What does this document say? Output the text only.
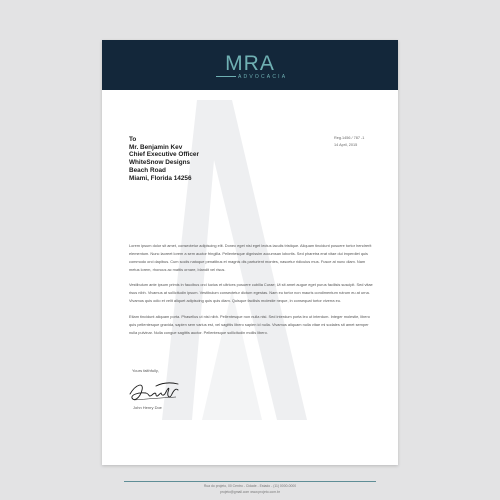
MRA
ADVOCACIA
To
Mr. Benjamin Kev
Chief Executive Officer
WhiteSnow Designs
Beach Road
Miami, Florida 14256
Reg.1456 / 787 -1
14 April, 2015

Lorem ipsum dolor sit amet, consectetur adipiscing elit. Donec eget nisi eget lectus iaculis tristique. Aliquam tincidunt posuere tortor hendrerit elementum. Nunc laoreet lorem a sem auctor fringilla. Pellentesque dignissim accumsan lobortis. Sed pharetra erat vitae dui imperdiet quis commodo orci dapibus. Cum sociis natoque penatibus et magnis dis parturient montes, nascetur ridiculus mus. Fusce at nunc diam. Nam metus lorem, rhoncus ac mattis ornare, blandit vel risus.

Vestibulum ante ipsum primis in faucibus orci luctus et ultrices posuere cubilia Curae; Ut sit amet augue eget purus facilisis suscipit. Sed vitae risus nibh. Vivamus at sollicitudin ipsum. Vestibulum consectetur dictum egestas. Nam eu tortor non mauris condimentum rutrum eu at urna. Vivamus quis odio et velit aliquet adipiscing quis quis diam. Quisque facilisis molestie neque, in consequat tortor viverra eu.

Etiam tincidunt aliquam porta. Phasellus ut nisi nibh. Pellentesque non nulla nisi. Sed interdum porta leo ut interdum. Integer molestie, libero quis pellentesque gravida, sapien sem varius est, vel sagittis libero sapien id nulla. Vivamus aliquam nulla vitae mi sodales sit amet semper nulla pulvinar. Nulla congue sagittis auctor. Pellentesque sollicitudin mollis libero.

Yours faithfully,
John Henry Doe
Rua do projeto, 00 Centro - Cidade - Estado - (11) 0000-0000
projeto@gmail.com www.projeto.com.br
